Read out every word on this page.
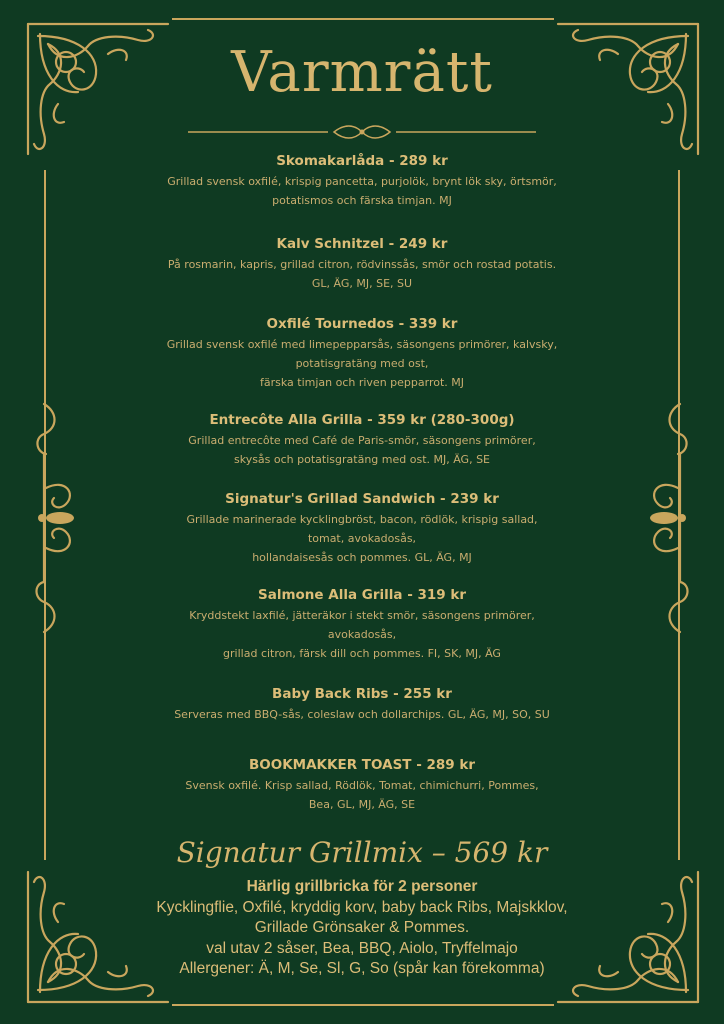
Varmrätt
Skomakarlåda - 289 kr
Grillad svensk oxfilé, krispig pancetta, purjolök, brynt lök sky, örtsmör,
potatismos och färska timjan. MJ
Kalv Schnitzel - 249 kr
På rosmarin, kapris, grillad citron, rödvinssås, smör och rostad potatis.
GL, ÄG, MJ, SE, SU
Oxfilé Tournedos - 339 kr
Grillad svensk oxfilé med limepepparsås, säsongens primörer, kalvsky,
potatisgratäng med ost,
färska timjan och riven pepparrot. MJ
Entrecôte Alla Grilla - 359 kr (280-300g)
Grillad entrecôte med Café de Paris-smör, säsongens primörer,
skysås och potatisgratäng med ost. MJ, ÄG, SE
Signatur's Grillad Sandwich - 239 kr
Grillade marinerade kycklingbröst, bacon, rödlök, krispig sallad,
tomat, avokadosås,
hollandaisesås och pommes. GL, ÄG, MJ
Salmone Alla Grilla - 319 kr
Kryddstekt laxfilé, jätteräkor i stekt smör, säsongens primörer,
avokadosås,
grillad citron, färsk dill och pommes. FI, SK, MJ, ÄG
Baby Back Ribs - 255 kr
Serveras med BBQ-sås, coleslaw och dollarchips. GL, ÄG, MJ, SO, SU
BOOKMAKKER TOAST - 289 kr
Svensk oxfilé. Krisp sallad, Rödlök, Tomat, chimichurri, Pommes,
Bea, GL, MJ, ÄG, SE
Signatur Grillmix – 569 kr
Härlig grillbricka för 2 personer
Kycklingflie, Oxfilé, kryddig korv, baby back Ribs, Majskklov,
Grillade Grönsaker & Pommes.
val utav 2 såser, Bea, BBQ, Aiolo, Tryffelmajo
Allergener: Ä, M, Se, Sl, G, So (spår kan förekomma)
